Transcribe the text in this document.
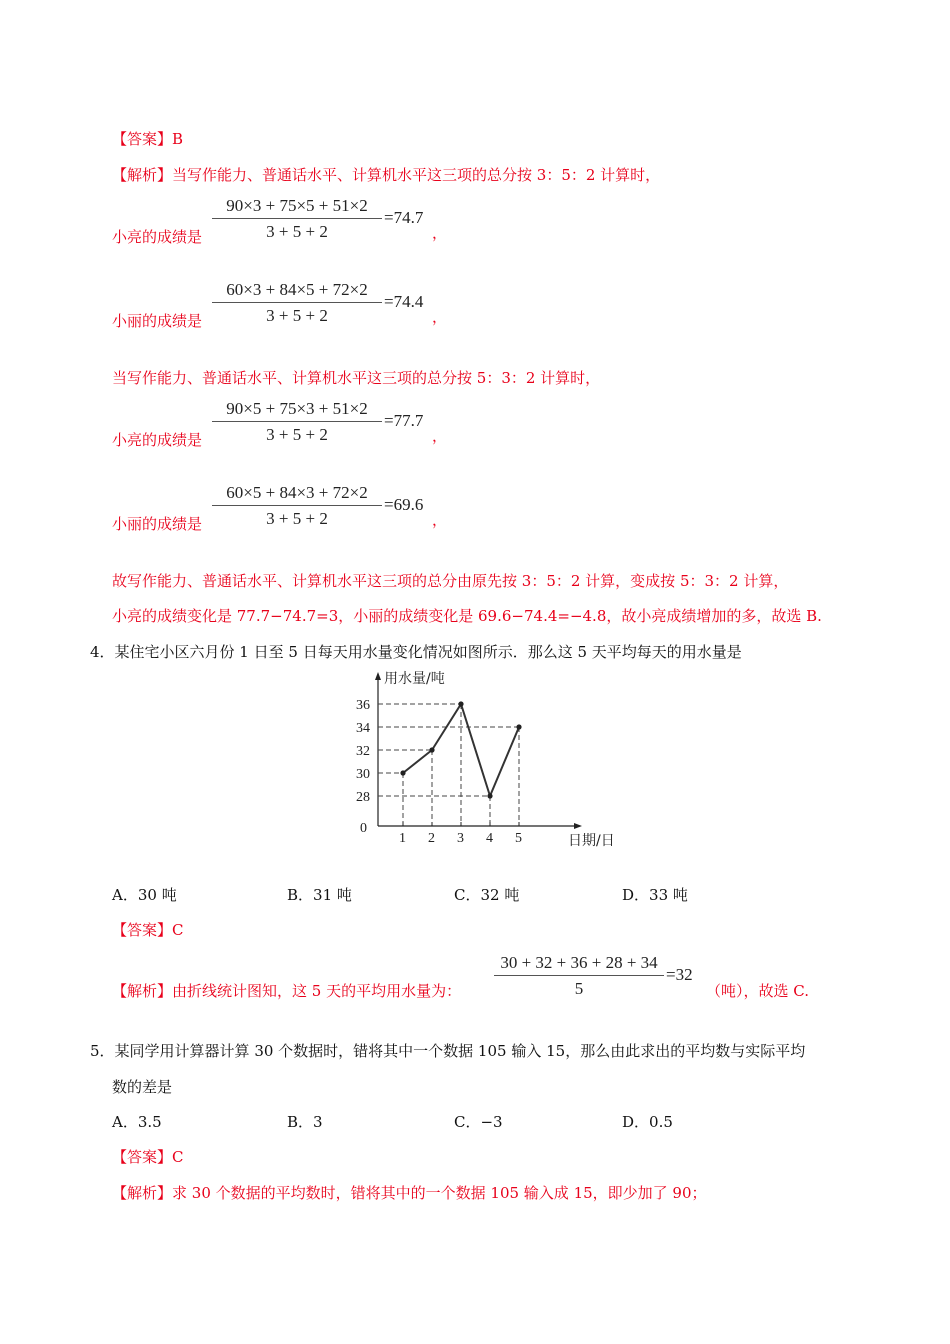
【答案】B
【解析】当写作能力、普通话水平、计算机水平这三项的总分按 3：5：2 计算时，
小亮的成绩是 $\frac{90\times 3 + 75\times 5 + 51\times 2}{3 + 5 + 2} =74.7$
，
小丽的成绩是 $\frac{60\times 3 + 84\times 5 + 72\times 2}{3 + 5 + 2} =74.4$
，
当写作能力、普通话水平、计算机水平这三项的总分按 5：3：2 计算时，
小亮的成绩是 $\frac{90\times 5 + 75\times 3 + 51\times 2}{3 + 5 + 2} =77.7$
，
小丽的成绩是 $\frac{60\times 5 + 84\times 3 + 72\times 2}{3 + 5 + 2} =69.6$
，
故写作能力、普通话水平、计算机水平这三项的总分由原先按 3：5：2 计算，变成按 5：3：2 计算，
小亮的成绩变化是 77.7−74.7=3，小丽的成绩变化是 69.6−74.4=−4.8，故小亮成绩增加的多，故选 B.
4．某住宅小区六月份 1 日至 5 日每天用水量变化情况如图所示．那么这 5 天平均每天的用水量是
用水量/吨
日期/日
0
36
34
32
30
28
1 2 3 4 5
A．30 吨	B．31 吨	C．32 吨	D．33 吨
【答案】C
【解析】由折线统计图知，这 5 天的平均用水量为： $\frac{30 + 32 + 36 + 28 + 34}{5} =32$
（吨），故选 C.
5．某同学用计算器计算 30 个数据时，错将其中一个数据 105 输入 15，那么由此求出的平均数与实际平均
数的差是
A．3.5	B．3	C．−3	D．0.5
【答案】C
【解析】求 30 个数据的平均数时，错将其中的一个数据 105 输入成 15，即少加了 90；
